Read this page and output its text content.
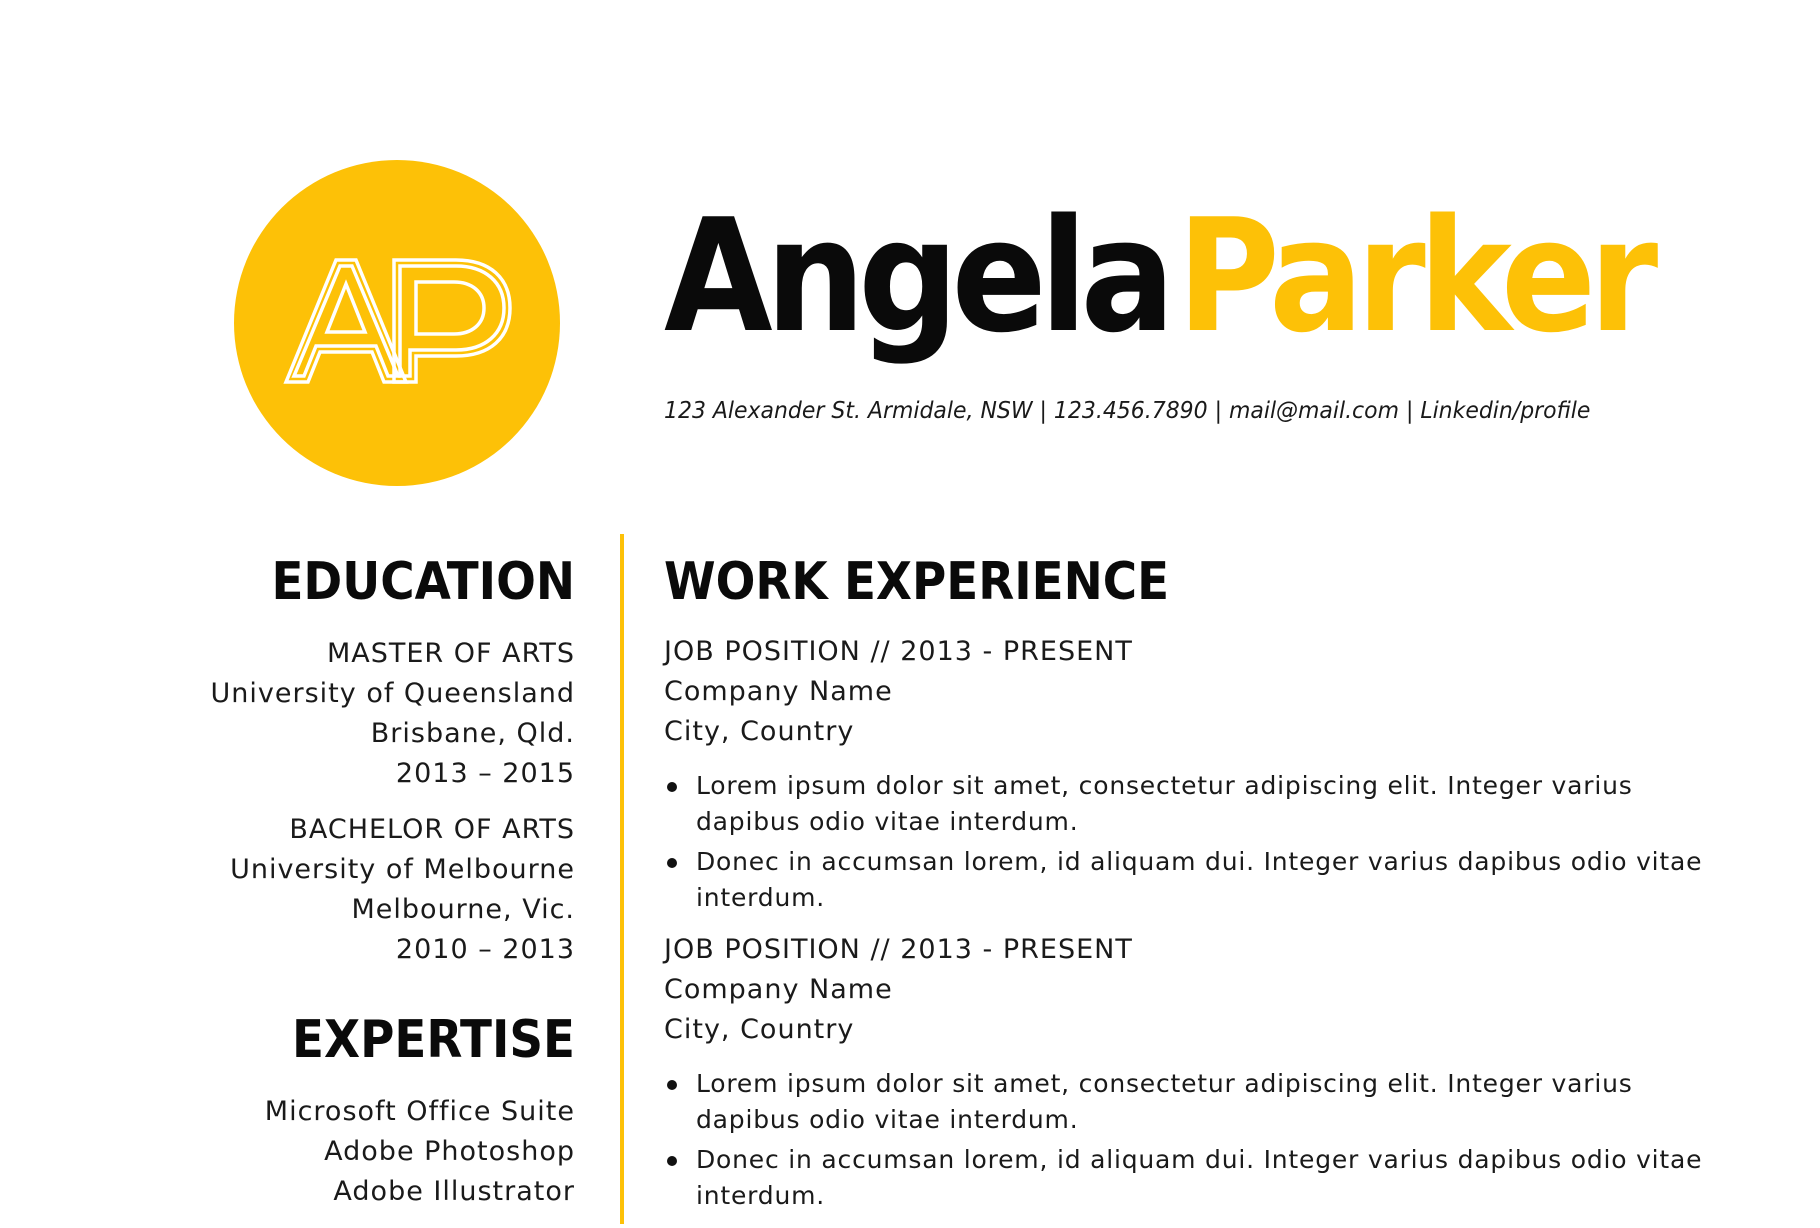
AngelaParker
123 Alexander St. Armidale, NSW | 123.456.7890 | mail@mail.com | Linkedin/profile
EDUCATION
MASTER OF ARTS
University of Queensland
Brisbane, Qld.
2013 – 2015
BACHELOR OF ARTS
University of Melbourne
Melbourne, Vic.
2010 – 2013
EXPERTISE
Microsoft Office Suite
Adobe Photoshop
Adobe Illustrator
WORK EXPERIENCE
JOB POSITION // 2013 - PRESENT
Company Name
City, Country
Lorem ipsum dolor sit amet, consectetur adipiscing elit. Integer varius dapibus odio vitae interdum.
Donec in accumsan lorem, id aliquam dui. Integer varius dapibus odio vitae interdum.
JOB POSITION // 2013 - PRESENT
Company Name
City, Country
Lorem ipsum dolor sit amet, consectetur adipiscing elit. Integer varius dapibus odio vitae interdum.
Donec in accumsan lorem, id aliquam dui. Integer varius dapibus odio vitae interdum.
